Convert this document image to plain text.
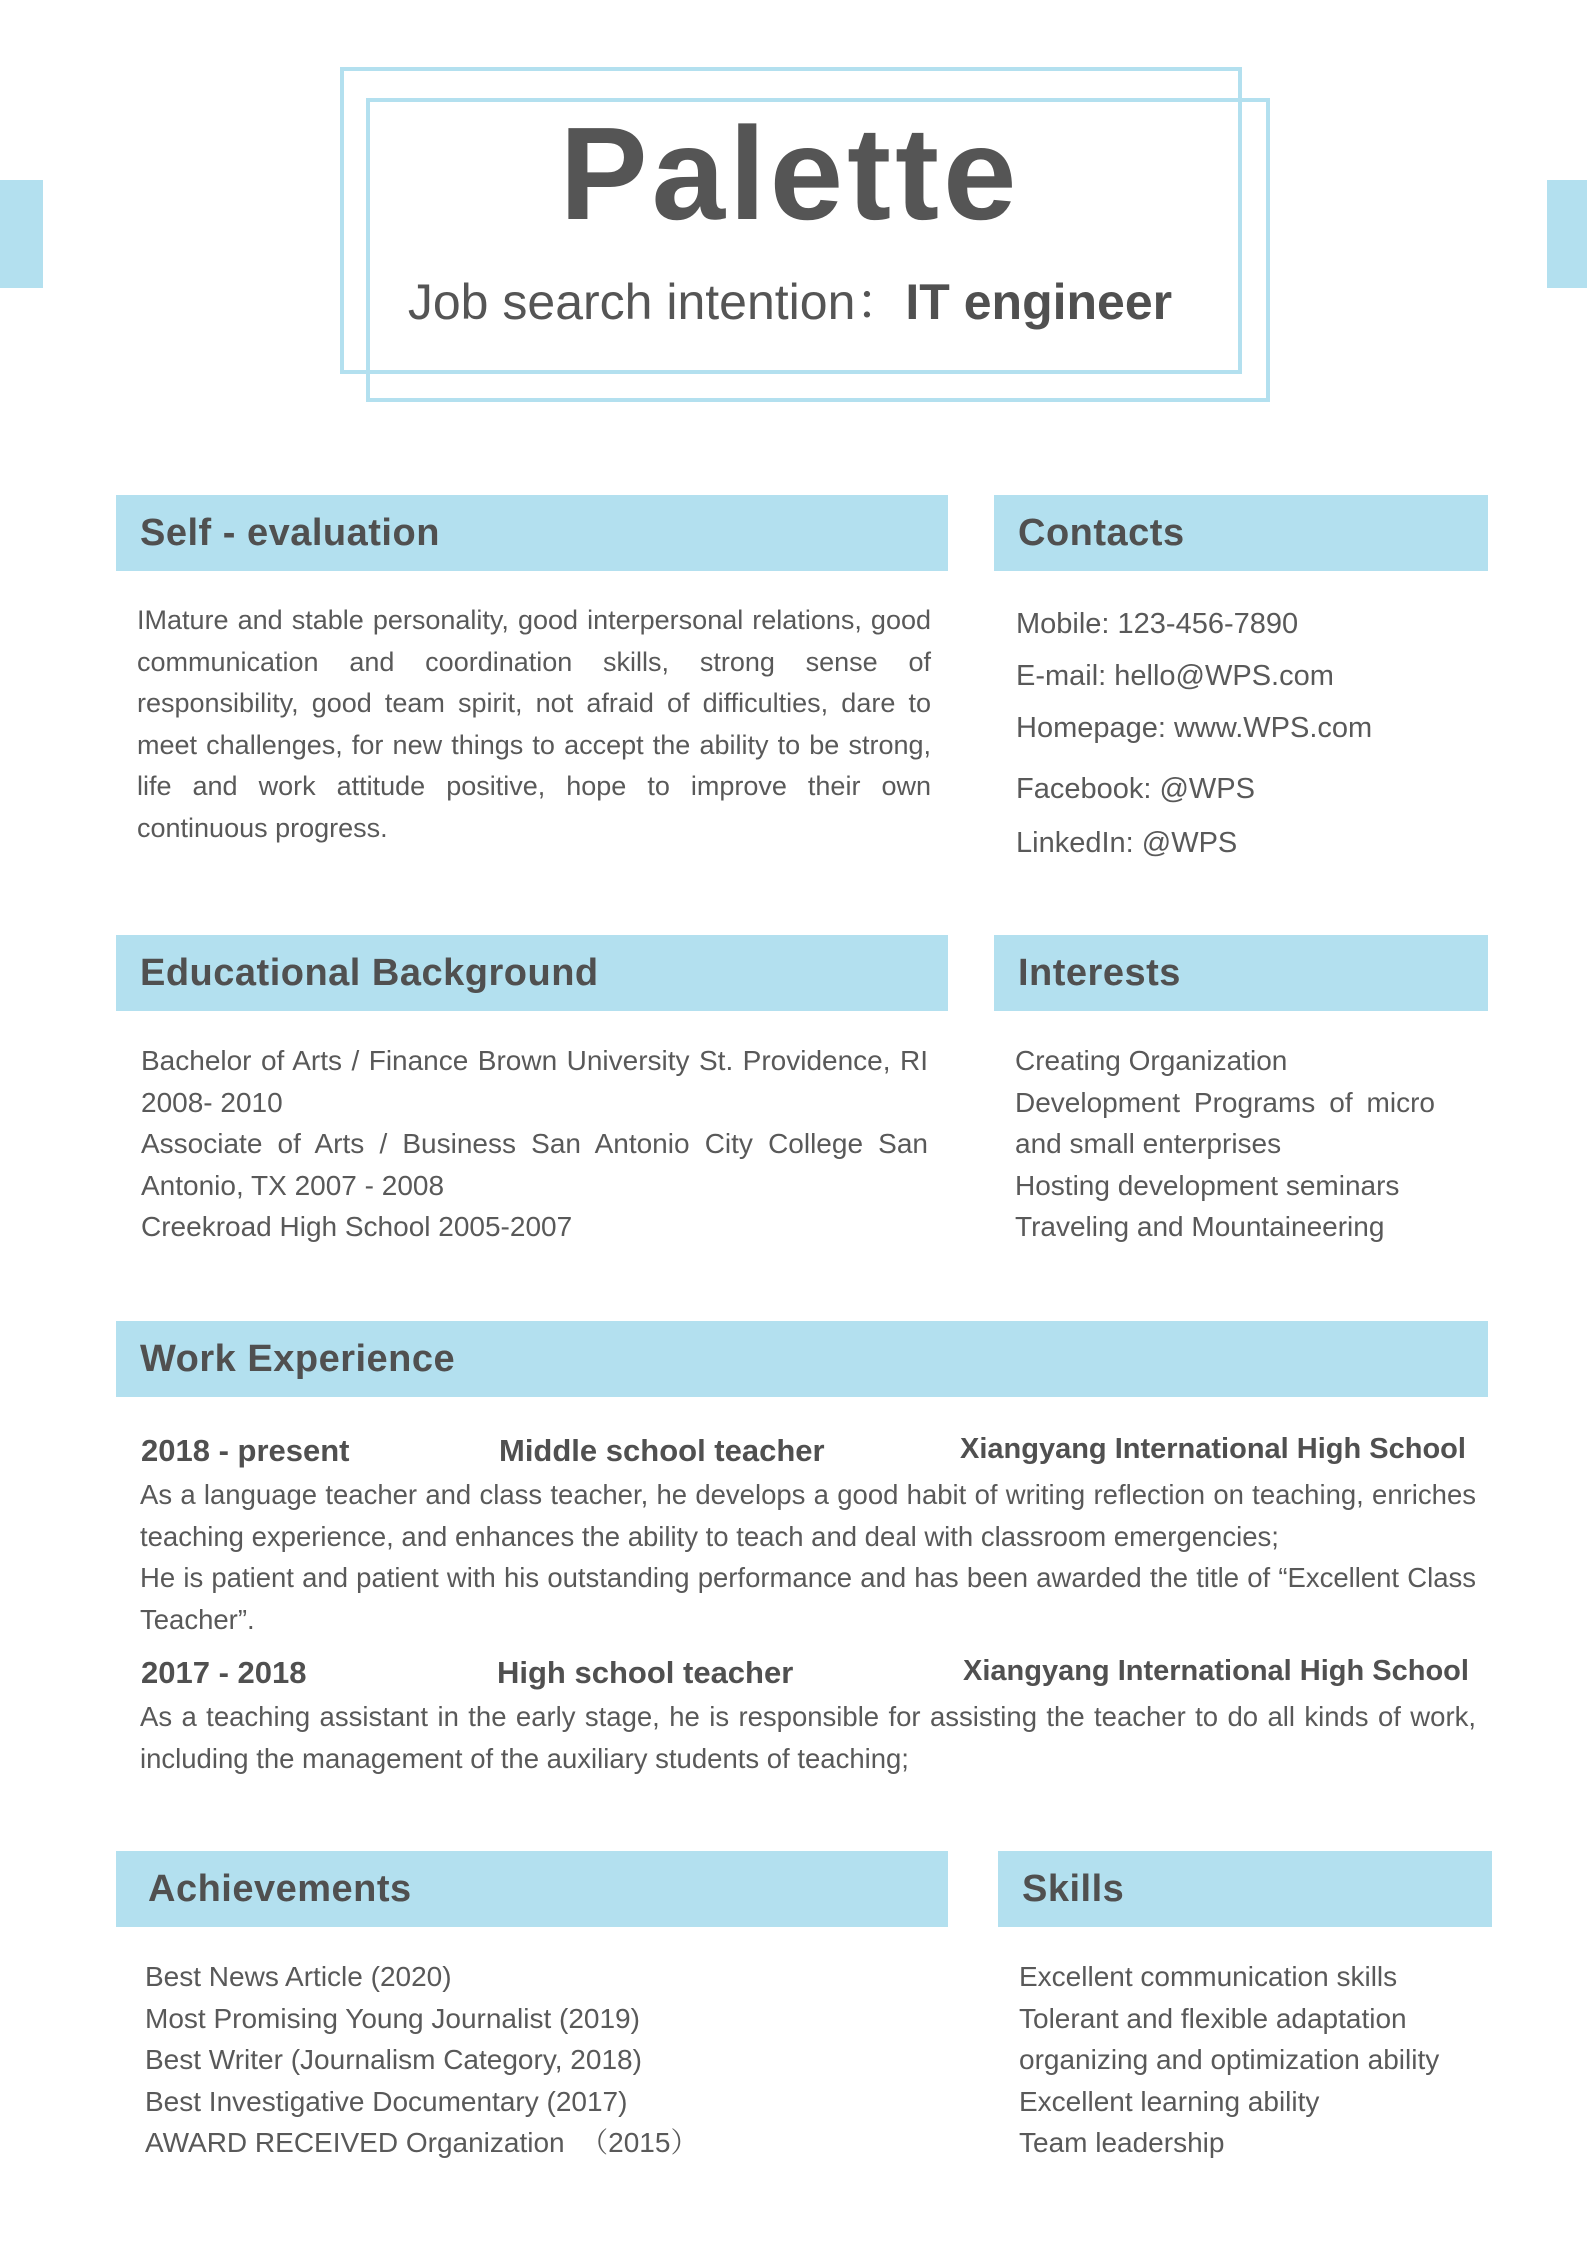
Palette
Job search intention：IT engineer
Self - evaluation

IMature and stable personality, good interpersonal relations, good communication and coordination skills, strong sense of responsibility, good team spirit, not afraid of difficulties, dare to meet challenges, for new things to accept the ability to be strong, life and work attitude positive, hope to improve their own continuous progress.

Contacts
Mobile: 123-456-7890
E-mail: hello@WPS.com
Homepage: www.WPS.com
Facebook: @WPS
LinkedIn: @WPS
Educational Background
Bachelor of Arts / Finance Brown University St. Providence, RI 2008- 2010
Associate of Arts / Business San Antonio City College San Antonio, TX 2007 - 2008
Creekroad High School 2005-2007
Interests
Creating Organization
Development Programs of micro and small enterprises
Hosting development seminars
Traveling and Mountaineering
Work Experience
2018 - present	Middle school teacher	Xiangyang International High School
As a language teacher and class teacher, he develops a good habit of writing reflection on teaching, enriches teaching experience, and enhances the ability to teach and deal with classroom emergencies;
He is patient and patient with his outstanding performance and has been awarded the title of “Excellent Class Teacher”.
2017 - 2018	High school teacher	Xiangyang International High School
As a teaching assistant in the early stage, he is responsible for assisting the teacher to do all kinds of work, including the management of the auxiliary students of teaching;
Achievements
Best News Article (2020)
Most Promising Young Journalist (2019)
Best Writer (Journalism Category, 2018)
Best Investigative Documentary (2017)
AWARD RECEIVED Organization  （2015）
Skills
Excellent communication skills
Tolerant and flexible adaptation
organizing and optimization ability
Excellent learning ability
Team leadership
